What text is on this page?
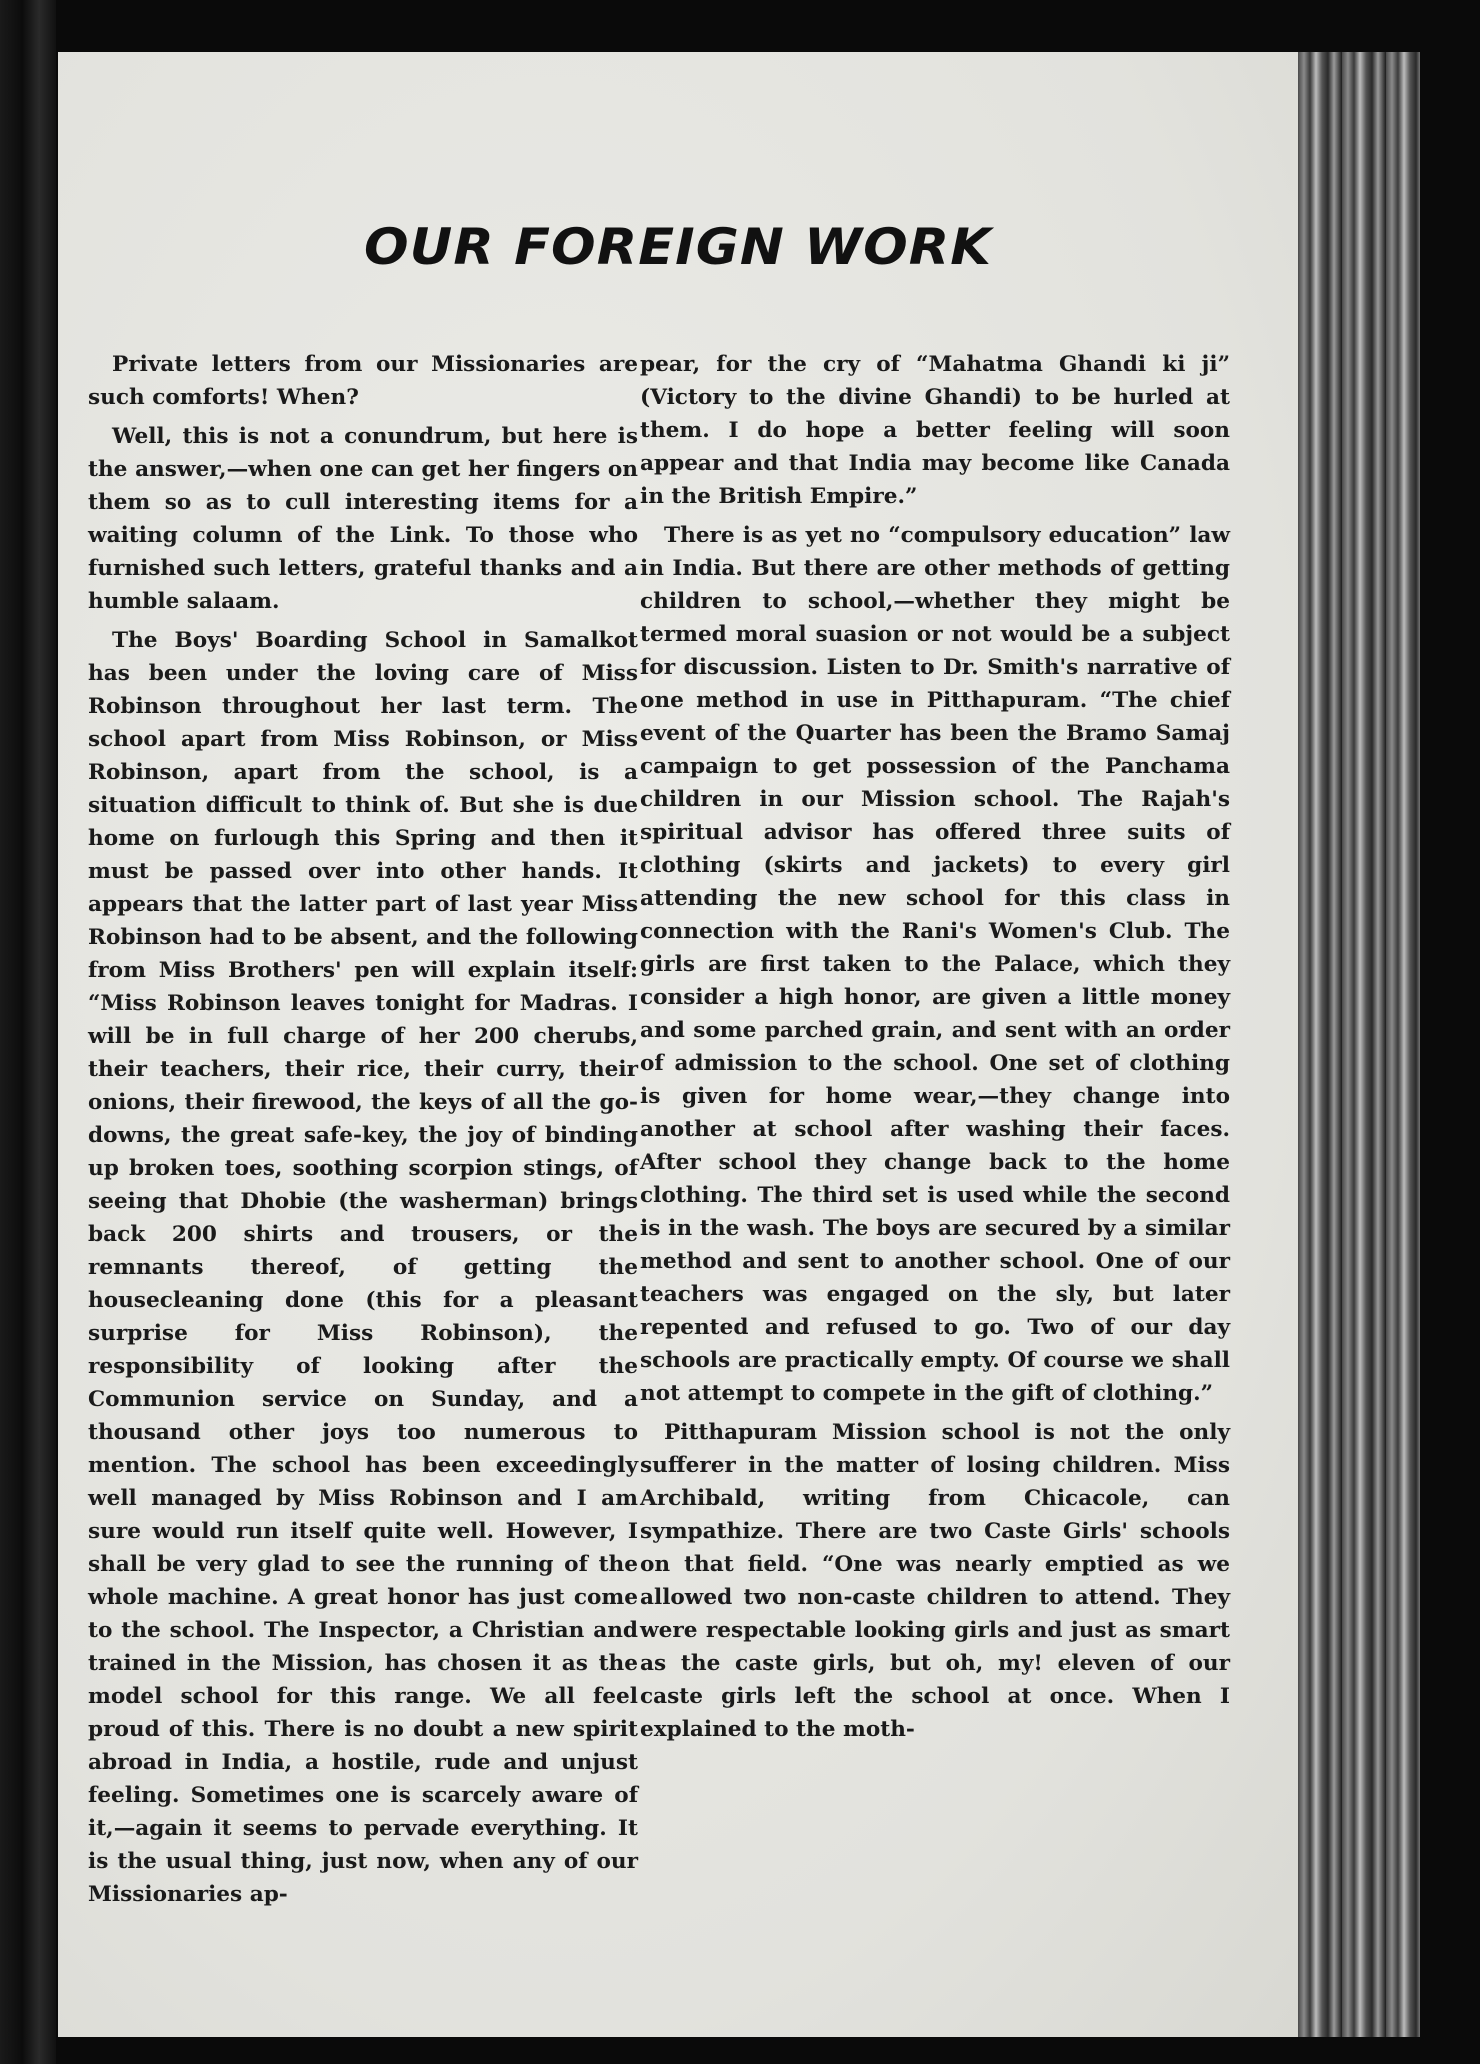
OUR FOREIGN WORK

Private letters from our Missionaries are such comforts! When?

Well, this is not a conundrum, but here is the answer,—when one can get her fingers on them so as to cull interesting items for a waiting column of the Link. To those who furnished such letters, grateful thanks and a humble salaam.

The Boys' Boarding School in Samalkot has been under the loving care of Miss Robinson throughout her last term. The school apart from Miss Robinson, or Miss Robinson, apart from the school, is a situation difficult to think of. But she is due home on furlough this Spring and then it must be passed over into other hands. It appears that the latter part of last year Miss Robinson had to be absent, and the following from Miss Brothers' pen will explain itself: “Miss Robinson leaves tonight for Madras. I will be in full charge of her 200 cherubs, their teachers, their rice, their curry, their onions, their firewood, the keys of all the go-downs, the great safe-key, the joy of binding up broken toes, soothing scorpion stings, of seeing that Dhobie (the washerman) brings back 200 shirts and trousers, or the remnants thereof, of getting the housecleaning done (this for a pleasant surprise for Miss Robinson), the responsibility of looking after the Communion service on Sunday, and a thousand other joys too numerous to mention. The school has been exceedingly well managed by Miss Robinson and I am sure would run itself quite well. However, I shall be very glad to see the running of the whole machine. A great honor has just come to the school. The Inspector, a Christian and trained in the Mission, has chosen it as the model school for this range. We all feel proud of this. There is no doubt a new spirit abroad in India, a hostile, rude and unjust feeling. Sometimes one is scarcely aware of it,—again it seems to pervade everything. It is the usual thing, just now, when any of our Missionaries ap-

pear, for the cry of “Mahatma Ghandi ki ji” (Victory to the divine Ghandi) to be hurled at them. I do hope a better feeling will soon appear and that India may become like Canada in the British Empire.”

There is as yet no “compulsory education” law in India. But there are other methods of getting children to school,—whether they might be termed moral suasion or not would be a subject for discussion. Listen to Dr. Smith's narrative of one method in use in Pitthapuram. “The chief event of the Quarter has been the Bramo Samaj campaign to get possession of the Panchama children in our Mission school. The Rajah's spiritual advisor has offered three suits of clothing (skirts and jackets) to every girl attending the new school for this class in connection with the Rani's Women's Club. The girls are first taken to the Palace, which they consider a high honor, are given a little money and some parched grain, and sent with an order of admission to the school. One set of clothing is given for home wear,—they change into another at school after washing their faces. After school they change back to the home clothing. The third set is used while the second is in the wash. The boys are secured by a similar method and sent to another school. One of our teachers was engaged on the sly, but later repented and refused to go. Two of our day schools are practically empty. Of course we shall not attempt to compete in the gift of clothing.”

Pitthapuram Mission school is not the only sufferer in the matter of losing children. Miss Archibald, writing from Chicacole, can sympathize. There are two Caste Girls' schools on that field. “One was nearly emptied as we allowed two non-caste children to attend. They were respectable looking girls and just as smart as the caste girls, but oh, my! eleven of our caste girls left the school at once. When I explained to the moth-
